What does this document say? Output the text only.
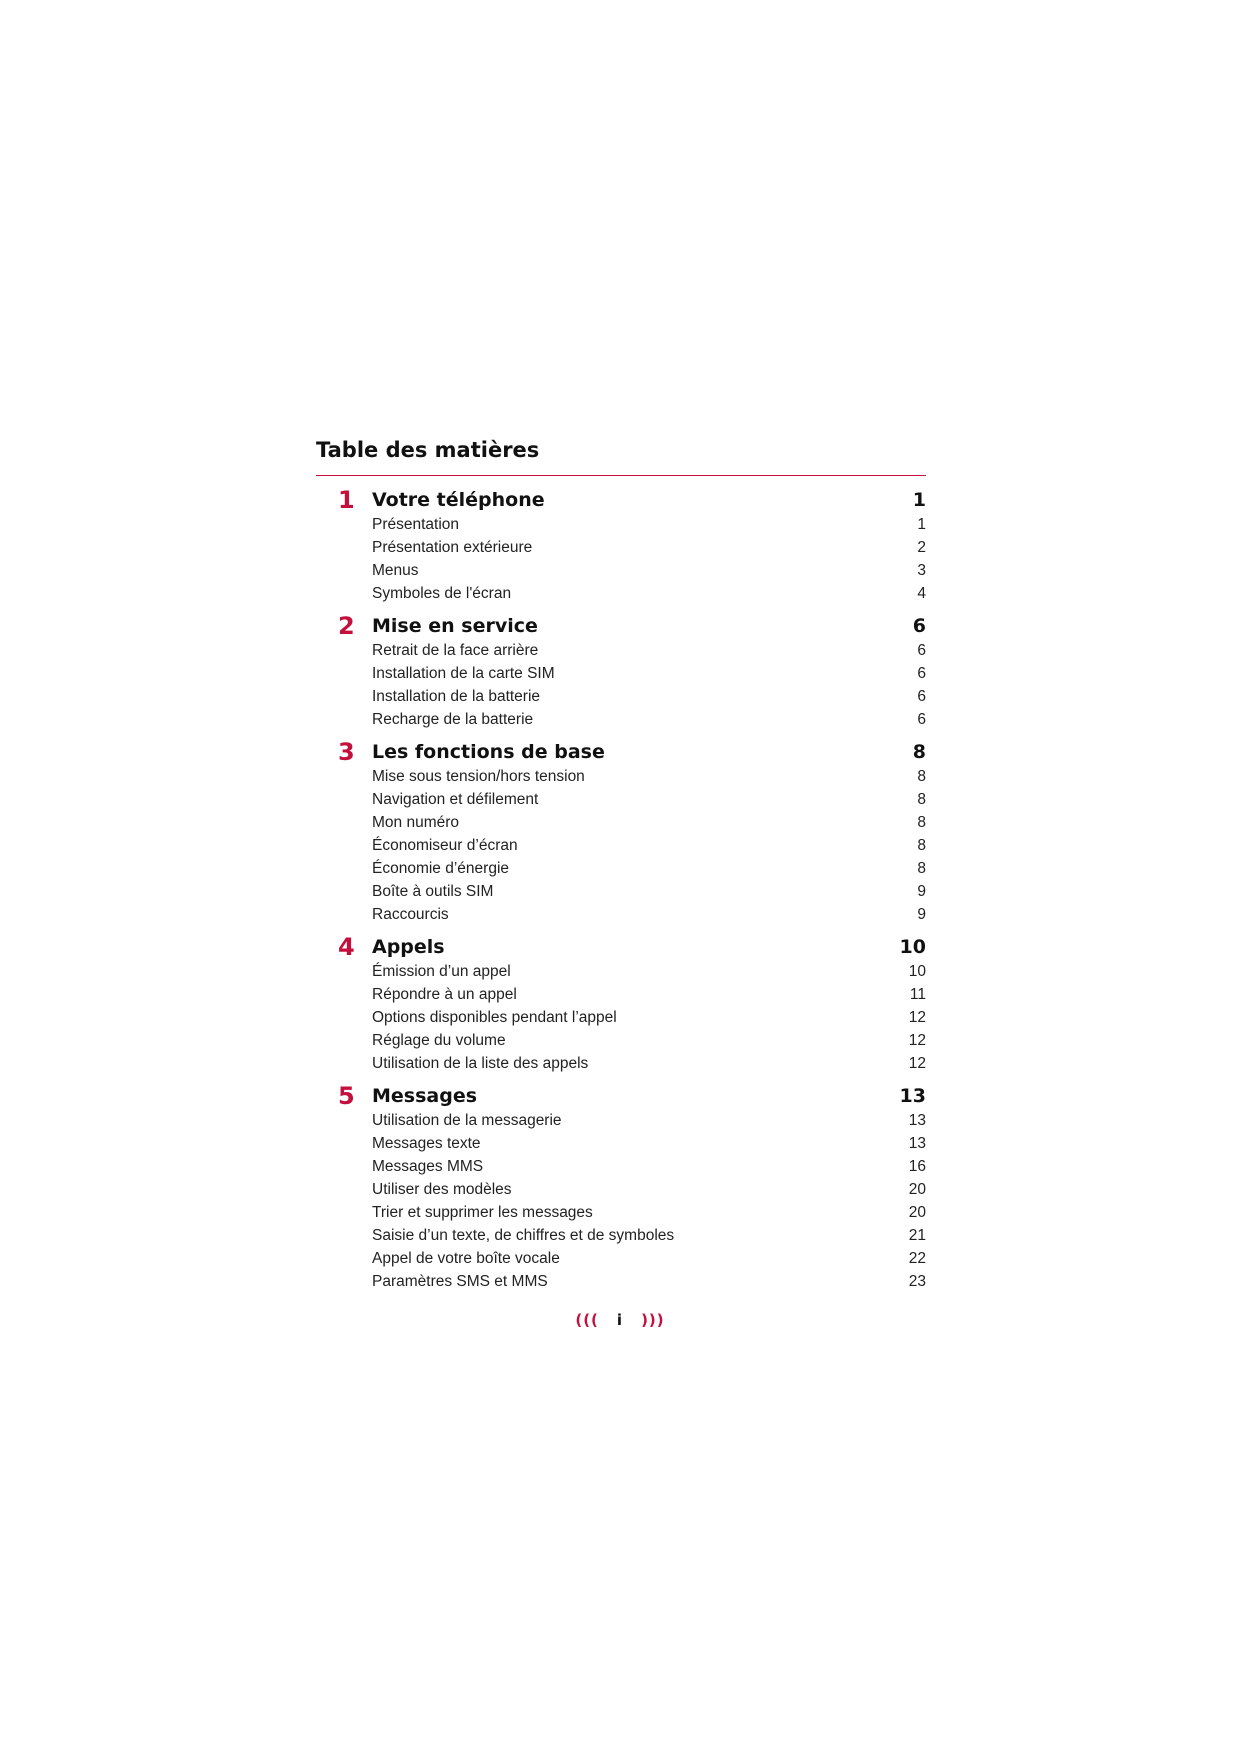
Table des matières
1 Votre téléphone	1
Présentation	1
Présentation extérieure	2
Menus	3
Symboles de l'écran	4
2 Mise en service	6
Retrait de la face arrière	6
Installation de la carte SIM	6
Installation de la batterie	6
Recharge de la batterie	6
3 Les fonctions de base	8
Mise sous tension/hors tension	8
Navigation et défilement	8
Mon numéro	8
Économiseur d’écran	8
Économie d’énergie	8
Boîte à outils SIM	9
Raccourcis	9
4 Appels	10
Émission d’un appel	10
Répondre à un appel	11
Options disponibles pendant l’appel	12
Réglage du volume	12
Utilisation de la liste des appels	12
5 Messages	13
Utilisation de la messagerie	13
Messages texte	13
Messages MMS	16
Utiliser des modèles	20
Trier et supprimer les messages	20
Saisie d’un texte, de chiffres et de symboles	21
Appel de votre boîte vocale	22
Paramètres SMS et MMS	23
((( i )))
